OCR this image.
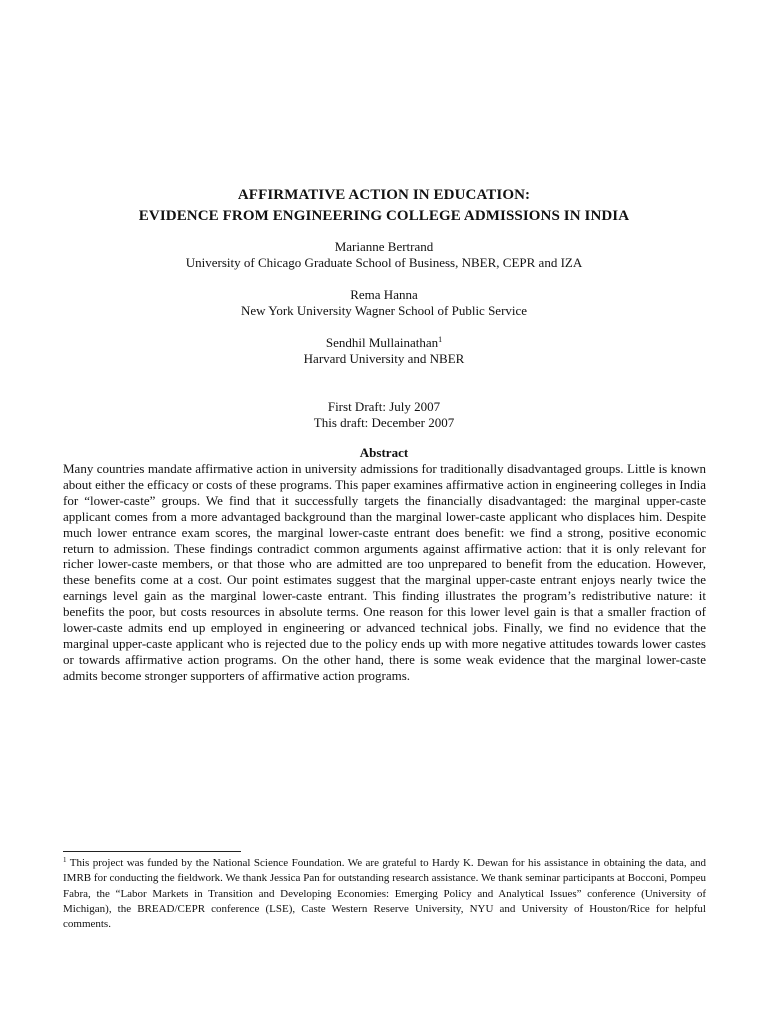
AFFIRMATIVE ACTION IN EDUCATION:
EVIDENCE FROM ENGINEERING COLLEGE ADMISSIONS IN INDIA
Marianne Bertrand
University of Chicago Graduate School of Business, NBER, CEPR and IZA
Rema Hanna
New York University Wagner School of Public Service
Sendhil Mullainathan$^1$
Harvard University and NBER
First Draft: July 2007
This draft: December 2007
Abstract
Many countries mandate affirmative action in university admissions for traditionally disadvantaged groups. Little is known about either the efficacy or costs of these programs. This paper examines affirmative action in engineering colleges in India for “lower-caste” groups. We find that it successfully targets the financially disadvantaged: the marginal upper-caste applicant comes from a more advantaged background than the marginal lower-caste applicant who displaces him. Despite much lower entrance exam scores, the marginal lower-caste entrant does benefit: we find a strong, positive economic return to admission. These findings contradict common arguments against affirmative action: that it is only relevant for richer lower-caste members, or that those who are admitted are too unprepared to benefit from the education. However, these benefits come at a cost. Our point estimates suggest that the marginal upper-caste entrant enjoys nearly twice the earnings level gain as the marginal lower-caste entrant. This finding illustrates the program’s redistributive nature: it benefits the poor, but costs resources in absolute terms. One reason for this lower level gain is that a smaller fraction of lower-caste admits end up employed in engineering or advanced technical jobs. Finally, we find no evidence that the marginal upper-caste applicant who is rejected due to the policy ends up with more negative attitudes towards lower castes or towards affirmative action programs. On the other hand, there is some weak evidence that the marginal lower-caste admits become stronger supporters of affirmative action programs.
$^1$ This project was funded by the National Science Foundation. We are grateful to Hardy K. Dewan for his assistance in obtaining the data, and IMRB for conducting the fieldwork. We thank Jessica Pan for outstanding research assistance. We thank seminar participants at Bocconi, Pompeu Fabra, the “Labor Markets in Transition and Developing Economies: Emerging Policy and Analytical Issues” conference (University of Michigan), the BREAD/CEPR conference (LSE), Caste Western Reserve University, NYU and University of Houston/Rice for helpful comments.
